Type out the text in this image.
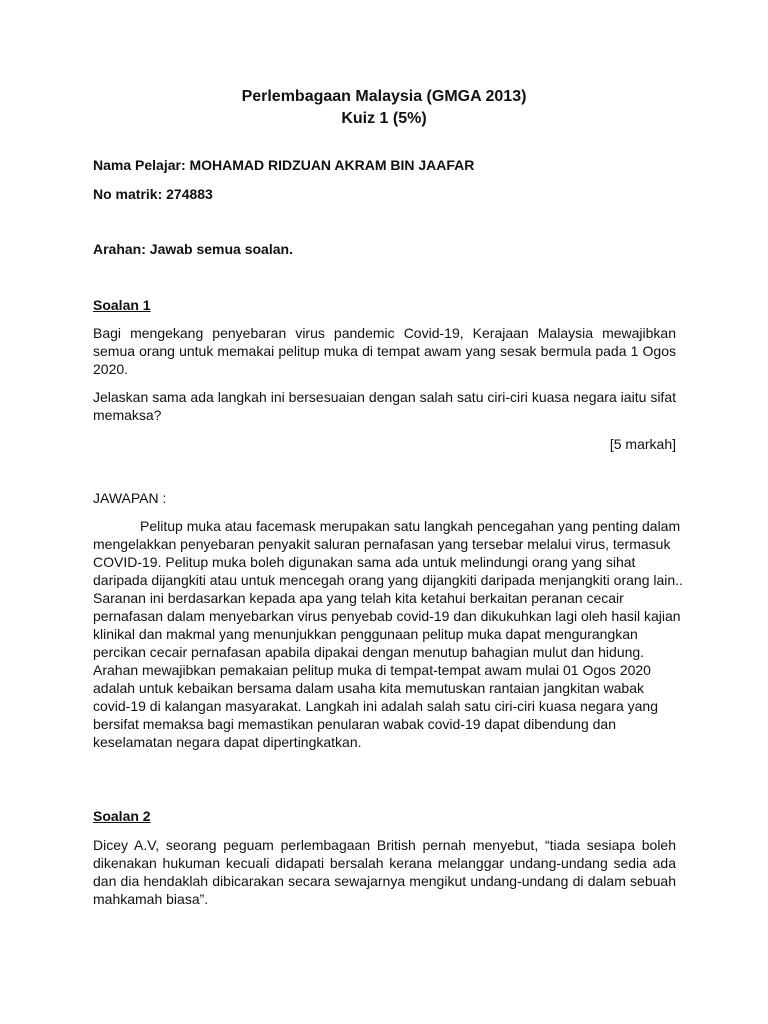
Perlembagaan Malaysia (GMGA 2013)
Kuiz 1 (5%)
Nama Pelajar: MOHAMAD RIDZUAN AKRAM BIN JAAFAR
No matrik: 274883
Arahan: Jawab semua soalan.
Soalan 1
Bagi mengekang penyebaran virus pandemic Covid-19, Kerajaan Malaysia mewajibkan semua orang untuk memakai pelitup muka di tempat awam yang sesak bermula pada 1 Ogos 2020.
Jelaskan sama ada langkah ini bersesuaian dengan salah satu ciri-ciri kuasa negara iaitu sifat memaksa?
[5 markah]
JAWAPAN :
Pelitup muka atau facemask merupakan satu langkah pencegahan yang penting dalam mengelakkan penyebaran penyakit saluran pernafasan yang tersebar melalui virus, termasuk COVID-19. Pelitup muka boleh digunakan sama ada untuk melindungi orang yang sihat daripada dijangkiti atau untuk mencegah orang yang dijangkiti daripada menjangkiti orang lain.. Saranan ini berdasarkan kepada apa yang telah kita ketahui berkaitan peranan cecair pernafasan dalam menyebarkan virus penyebab covid-19 dan dikukuhkan lagi oleh hasil kajian klinikal dan makmal yang menunjukkan penggunaan pelitup muka dapat mengurangkan percikan cecair pernafasan apabila dipakai dengan menutup bahagian mulut dan hidung. Arahan mewajibkan pemakaian pelitup muka di tempat-tempat awam mulai 01 Ogos 2020 adalah untuk kebaikan bersama dalam usaha kita memutuskan rantaian jangkitan wabak covid-19 di kalangan masyarakat. Langkah ini adalah salah satu ciri-ciri kuasa negara yang bersifat memaksa bagi memastikan penularan wabak covid-19 dapat dibendung dan keselamatan negara dapat dipertingkatkan.
Soalan 2
Dicey A.V, seorang peguam perlembagaan British pernah menyebut, “tiada sesiapa boleh dikenakan hukuman kecuali didapati bersalah kerana melanggar undang-undang sedia ada dan dia hendaklah dibicarakan secara sewajarnya mengikut undang-undang di dalam sebuah mahkamah biasa”.
